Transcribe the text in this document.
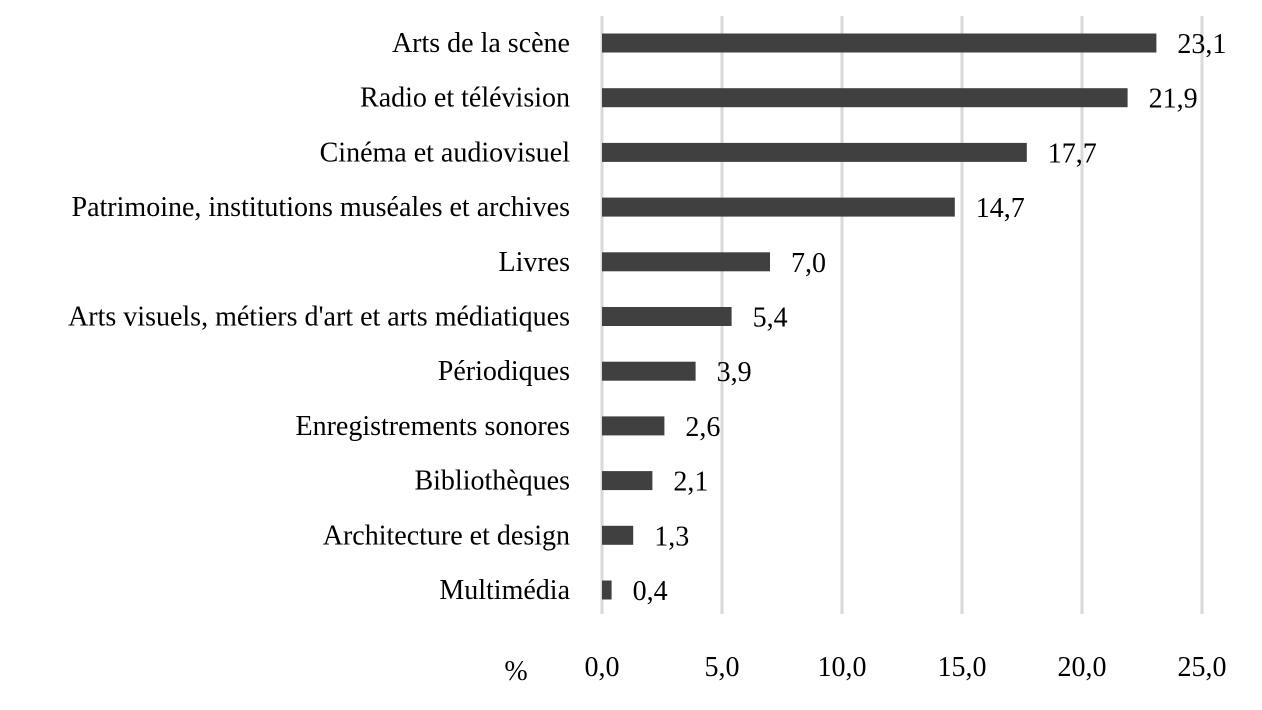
Arts de la scène
Radio et télévision
Cinéma et audiovisuel
Patrimoine, institutions muséales et archives
Livres
Arts visuels, métiers d'art et arts médiatiques
Périodiques
Enregistrements sonores
Bibliothèques
Architecture et design
Multimédia
23,1
21,9
17,7
14,7
7,0
5,4
3,9
2,6
2,1
1,3
0,4
0,0	5,0	10,0	15,0	20,0	25,0
%
